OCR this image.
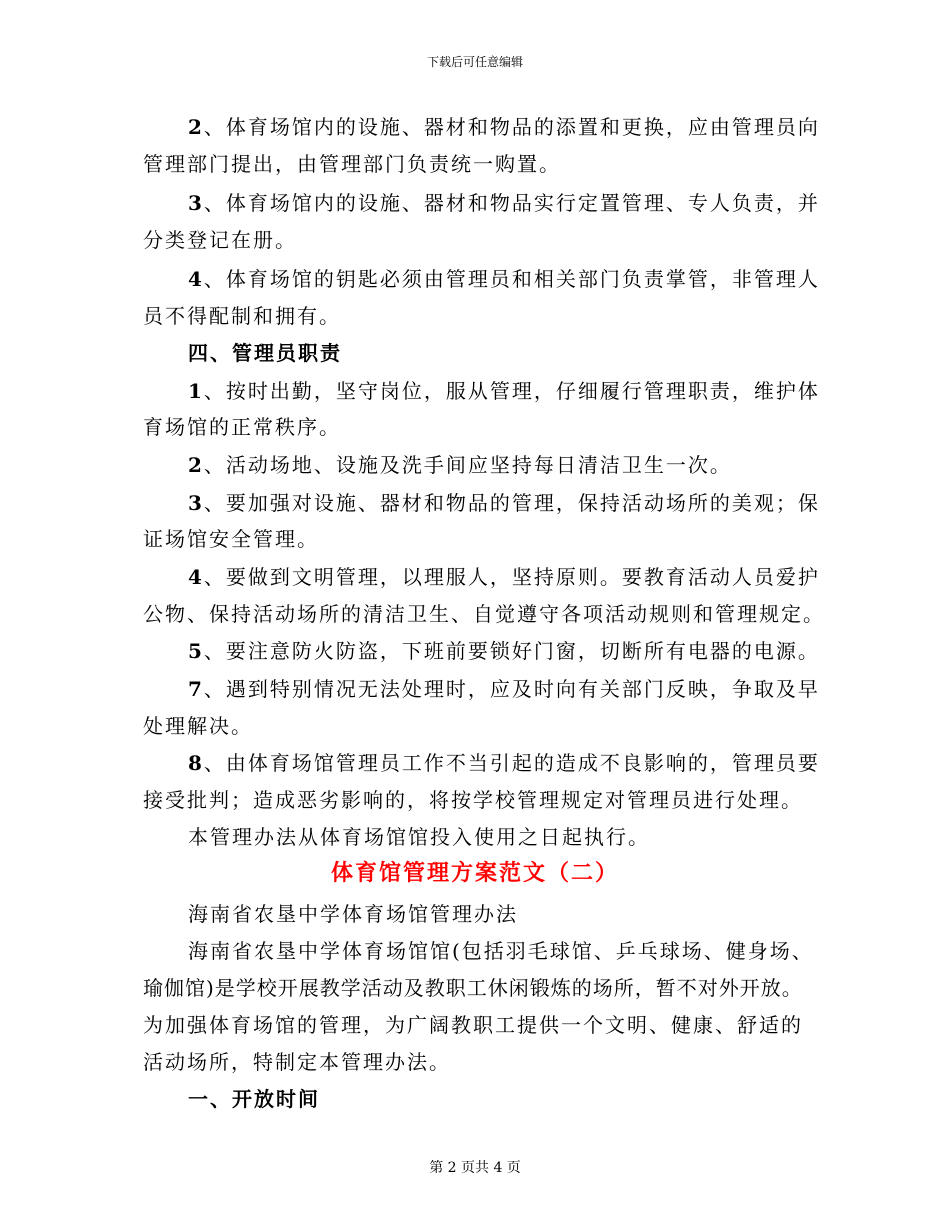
下载后可任意编辑
2、体育场馆内的设施、器材和物品的添置和更换，应由管理员向
管理部门提出，由管理部门负责统一购置。
3、体育场馆内的设施、器材和物品实行定置管理、专人负责，并
分类登记在册。
4、体育场馆的钥匙必须由管理员和相关部门负责掌管，非管理人
员不得配制和拥有。
四、管理员职责
1、按时出勤，坚守岗位，服从管理，仔细履行管理职责，维护体
育场馆的正常秩序。
2、活动场地、设施及洗手间应坚持每日清洁卫生一次。
3、要加强对设施、器材和物品的管理，保持活动场所的美观；保
证场馆安全管理。
4、要做到文明管理，以理服人，坚持原则。要教育活动人员爱护
公物、保持活动场所的清洁卫生、自觉遵守各项活动规则和管理规定。
5、要注意防火防盗，下班前要锁好门窗，切断所有电器的电源。
7、遇到特别情况无法处理时，应及时向有关部门反映，争取及早
处理解决。
8、由体育场馆管理员工作不当引起的造成不良影响的，管理员要
接受批判；造成恶劣影响的，将按学校管理规定对管理员进行处理。
本管理办法从体育场馆馆投入使用之日起执行。
体育馆管理方案范文（二）
海南省农垦中学体育场馆管理办法
海南省农垦中学体育场馆馆(包括羽毛球馆、乒乓球场、健身场、
瑜伽馆)是学校开展教学活动及教职工休闲锻炼的场所，暂不对外开放。
为加强体育场馆的管理，为广阔教职工提供一个文明、健康、舒适的
活动场所，特制定本管理办法。
一、开放时间
第 2 页共 4 页
